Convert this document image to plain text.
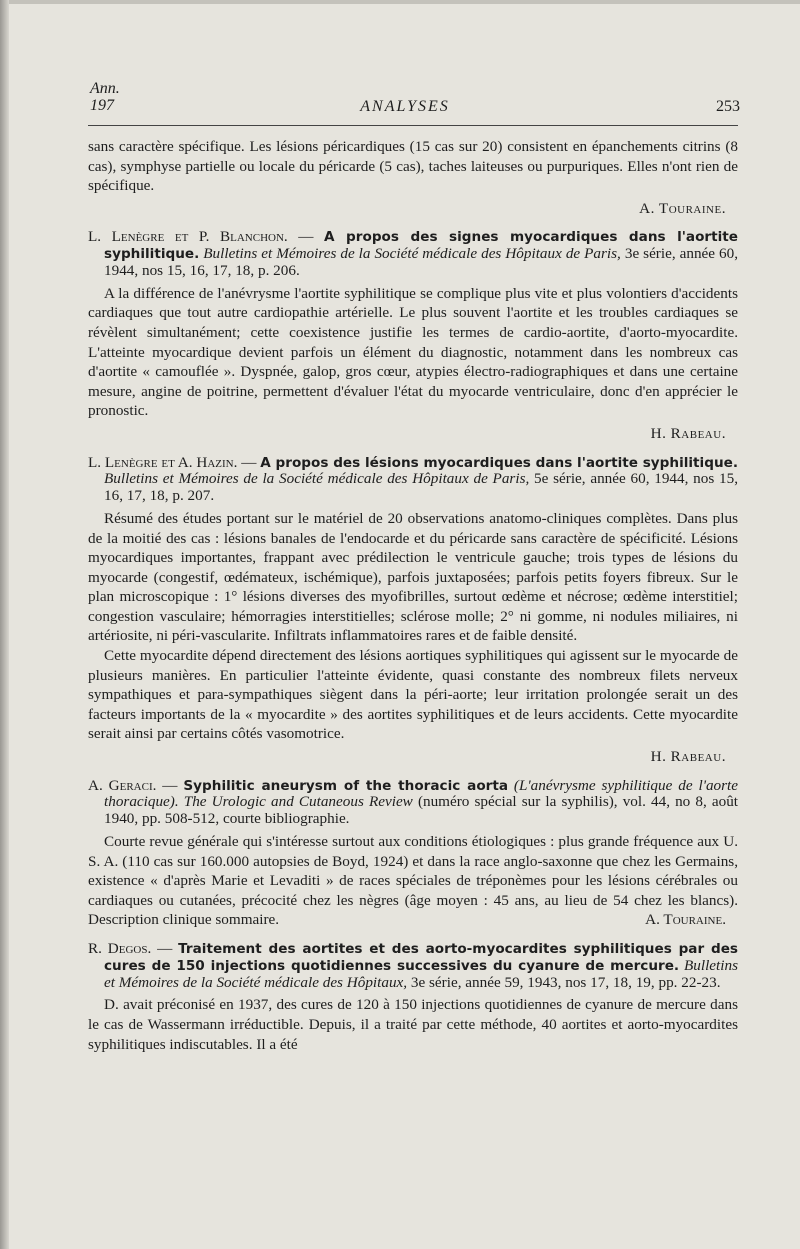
Ann.
197	ANALYSES	253

sans caractère spécifique. Les lésions péricardiques (15 cas sur 20) consistent en épanchements citrins (8 cas), symphyse partielle ou locale du péricarde (5 cas), taches laiteuses ou purpuriques. Elles n'ont rien de spécifique.

A. Touraine.

L. Lenègre et P. Blanchon. — A propos des signes myocardiques dans l'aortite syphilitique. Bulletins et Mémoires de la Société médicale des Hôpitaux de Paris, 3e série, année 60, 1944, nos 15, 16, 17, 18, p. 206.

A la différence de l'anévrysme l'aortite syphilitique se complique plus vite et plus volontiers d'accidents cardiaques que tout autre cardiopathie artérielle. Le plus souvent l'aortite et les troubles cardiaques se révèlent simultanément; cette coexistence justifie les termes de cardio-aortite, d'aorto-myocardite. L'atteinte myocardique devient parfois un élément du diagnostic, notamment dans les nombreux cas d'aortite « camouflée ». Dyspnée, galop, gros cœur, atypies électro-radiographiques et dans une certaine mesure, angine de poitrine, permettent d'évaluer l'état du myocarde ventriculaire, donc d'en apprécier le pronostic.

H. Rabeau.

L. Lenègre et A. Hazin. — A propos des lésions myocardiques dans l'aortite syphilitique. Bulletins et Mémoires de la Société médicale des Hôpitaux de Paris, 5e série, année 60, 1944, nos 15, 16, 17, 18, p. 207.

Résumé des études portant sur le matériel de 20 observations anatomo-cliniques complètes. Dans plus de la moitié des cas : lésions banales de l'endocarde et du péricarde sans caractère de spécificité. Lésions myocardiques importantes, frappant avec prédilection le ventricule gauche; trois types de lésions du myocarde (congestif, œdémateux, ischémique), parfois juxtaposées; parfois petits foyers fibreux. Sur le plan microscopique : 1° lésions diverses des myofibrilles, surtout œdème et nécrose; œdème interstitiel; congestion vasculaire; hémorragies interstitielles; sclérose molle; 2° ni gomme, ni nodules miliaires, ni artériosite, ni péri-vascularite. Infiltrats inflammatoires rares et de faible densité.

Cette myocardite dépend directement des lésions aortiques syphilitiques qui agissent sur le myocarde de plusieurs manières. En particulier l'atteinte évidente, quasi constante des nombreux filets nerveux sympathiques et para-sympathiques siègent dans la péri-aorte; leur irritation prolongée serait un des facteurs importants de la « myocardite » des aortites syphilitiques et de leurs accidents. Cette myocardite serait ainsi par certains côtés vasomotrice.

H. Rabeau.

A. Geraci. — Syphilitic aneurysm of the thoracic aorta (L'anévrysme syphilitique de l'aorte thoracique). The Urologic and Cutaneous Review (numéro spécial sur la syphilis), vol. 44, no 8, août 1940, pp. 508-512, courte bibliographie.

Courte revue générale qui s'intéresse surtout aux conditions étiologiques : plus grande fréquence aux U. S. A. (110 cas sur 160.000 autopsies de Boyd, 1924) et dans la race anglo-saxonne que chez les Germains, existence « d'après Marie et Levaditi » de races spéciales de tréponèmes pour les lésions cérébrales ou cardiaques ou cutanées, précocité chez les nègres (âge moyen : 45 ans, au lieu de 54 chez les blancs). Description clinique sommaire.	A. Touraine.

R. Degos. — Traitement des aortites et des aorto-myocardites syphilitiques par des cures de 150 injections quotidiennes successives du cyanure de mercure. Bulletins et Mémoires de la Société médicale des Hôpitaux, 3e série, année 59, 1943, nos 17, 18, 19, pp. 22-23.

D. avait préconisé en 1937, des cures de 120 à 150 injections quotidiennes de cyanure de mercure dans le cas de Wassermann irréductible. Depuis, il a traité par cette méthode, 40 aortites et aorto-myocardites syphilitiques indiscutables. Il a été
